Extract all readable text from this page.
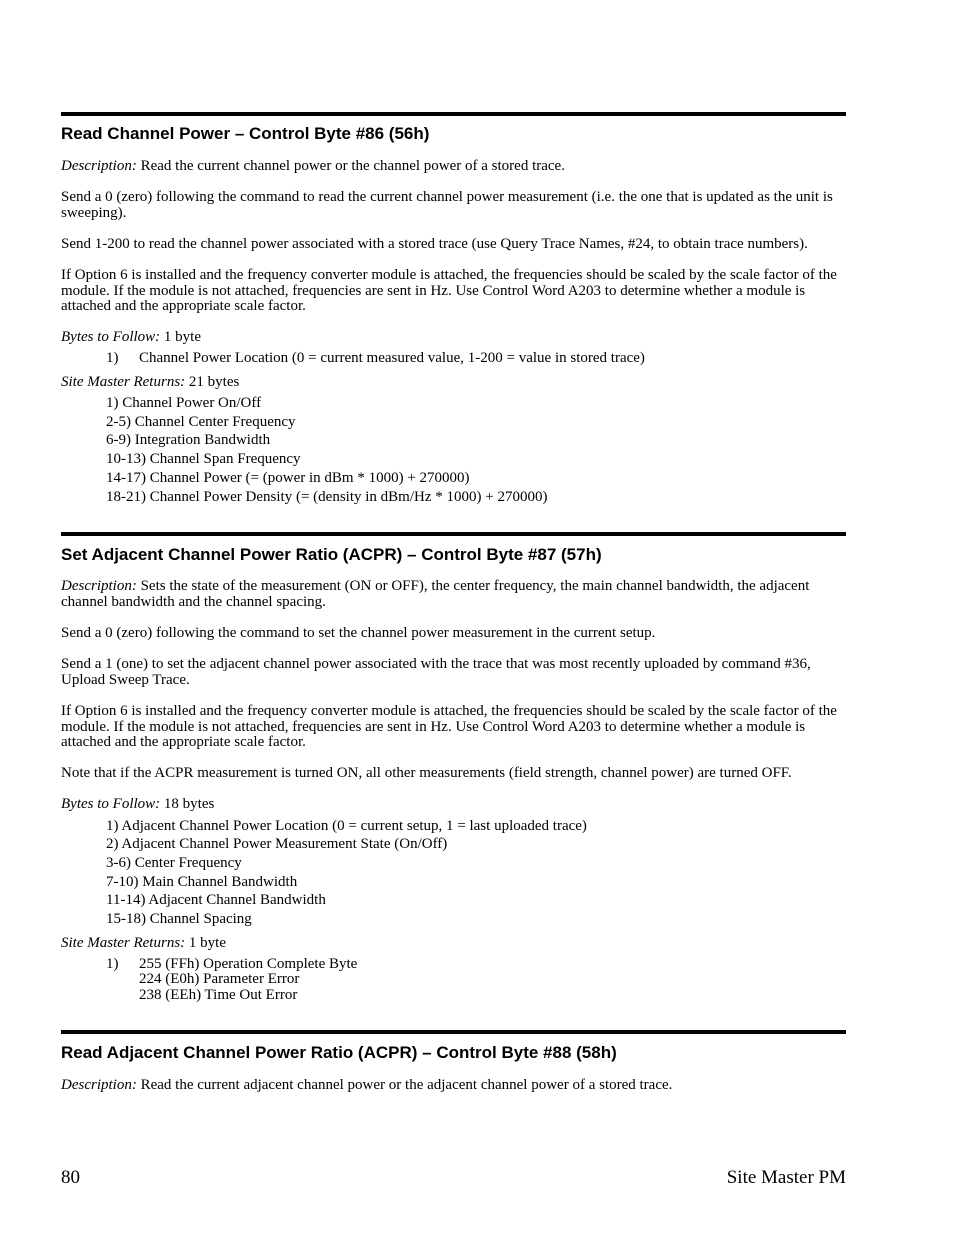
Read Channel Power – Control Byte #86 (56h)

Description: Read the current channel power or the channel power of a stored trace.

Send a 0 (zero) following the command to read the current channel power measurement (i.e. the one that is updated as the unit is sweeping).

Send 1-200 to read the channel power associated with a stored trace (use Query Trace Names, #24, to obtain trace numbers).

If Option 6 is installed and the frequency converter module is attached, the frequencies should be scaled by the scale factor of the module. If the module is not attached, frequencies are sent in Hz. Use Control Word A203 to determine whether a module is attached and the appropriate scale factor.

Bytes to Follow: 1 byte

1) Channel Power Location (0 = current measured value, 1-200 = value in stored trace)

Site Master Returns: 21 bytes

1) Channel Power On/Off

2-5) Channel Center Frequency

6-9) Integration Bandwidth

10-13) Channel Span Frequency

14-17) Channel Power (= (power in dBm * 1000) + 270000)

18-21) Channel Power Density (= (density in dBm/Hz * 1000) + 270000)

Set Adjacent Channel Power Ratio (ACPR) – Control Byte #87 (57h)

Description: Sets the state of the measurement (ON or OFF), the center frequency, the main channel bandwidth, the adjacent channel bandwidth and the channel spacing.

Send a 0 (zero) following the command to set the channel power measurement in the current setup.

Send a 1 (one) to set the adjacent channel power associated with the trace that was most recently uploaded by command #36, Upload Sweep Trace.

If Option 6 is installed and the frequency converter module is attached, the frequencies should be scaled by the scale factor of the module. If the module is not attached, frequencies are sent in Hz. Use Control Word A203 to determine whether a module is attached and the appropriate scale factor.

Note that if the ACPR measurement is turned ON, all other measurements (field strength, channel power) are turned OFF.

Bytes to Follow: 18 bytes

1) Adjacent Channel Power Location (0 = current setup, 1 = last uploaded trace)

2) Adjacent Channel Power Measurement State (On/Off)

3-6) Center Frequency

7-10) Main Channel Bandwidth

11-14) Adjacent Channel Bandwidth

15-18) Channel Spacing

Site Master Returns: 1 byte

1) 255 (FFh) Operation Complete Byte

224 (E0h) Parameter Error

238 (EEh) Time Out Error

Read Adjacent Channel Power Ratio (ACPR) – Control Byte #88 (58h)

Description: Read the current adjacent channel power or the adjacent channel power of a stored trace.

80	Site Master PM
